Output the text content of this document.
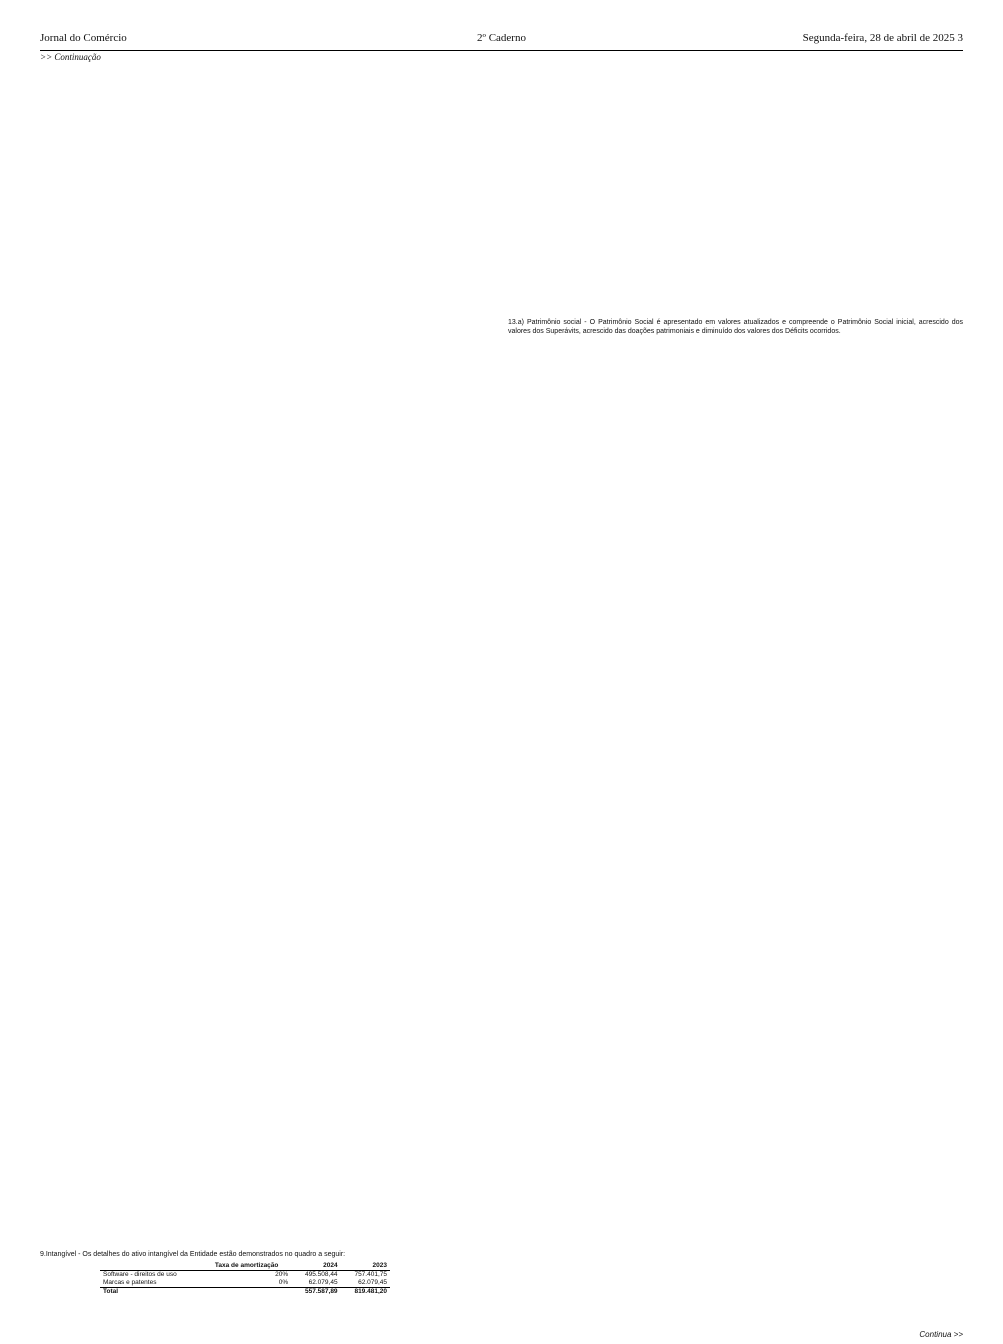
Jornal do Comércio	2º Caderno	Segunda-feira, 28 de abril de 2025 3
>> Continuação

9.Intangível - Os detalhes do ativo intangível da Entidade estão demonstrados no quadro a seguir:

	Taxa de amortização	2024	2023
Software - direitos de uso	20%	495.508,44	757.401,75
Marcas e patentes	0%	62.079,45	62.079,45
Total		557.587,89	819.481,20

13.a) Patrimônio social - O Patrimônio Social é apresentado em valores atualizados e compreende o Patrimônio Social inicial, acrescido dos valores dos Superávits, acrescido das doações patrimoniais e diminuído dos valores dos Déficits ocorridos.

Continua >>
